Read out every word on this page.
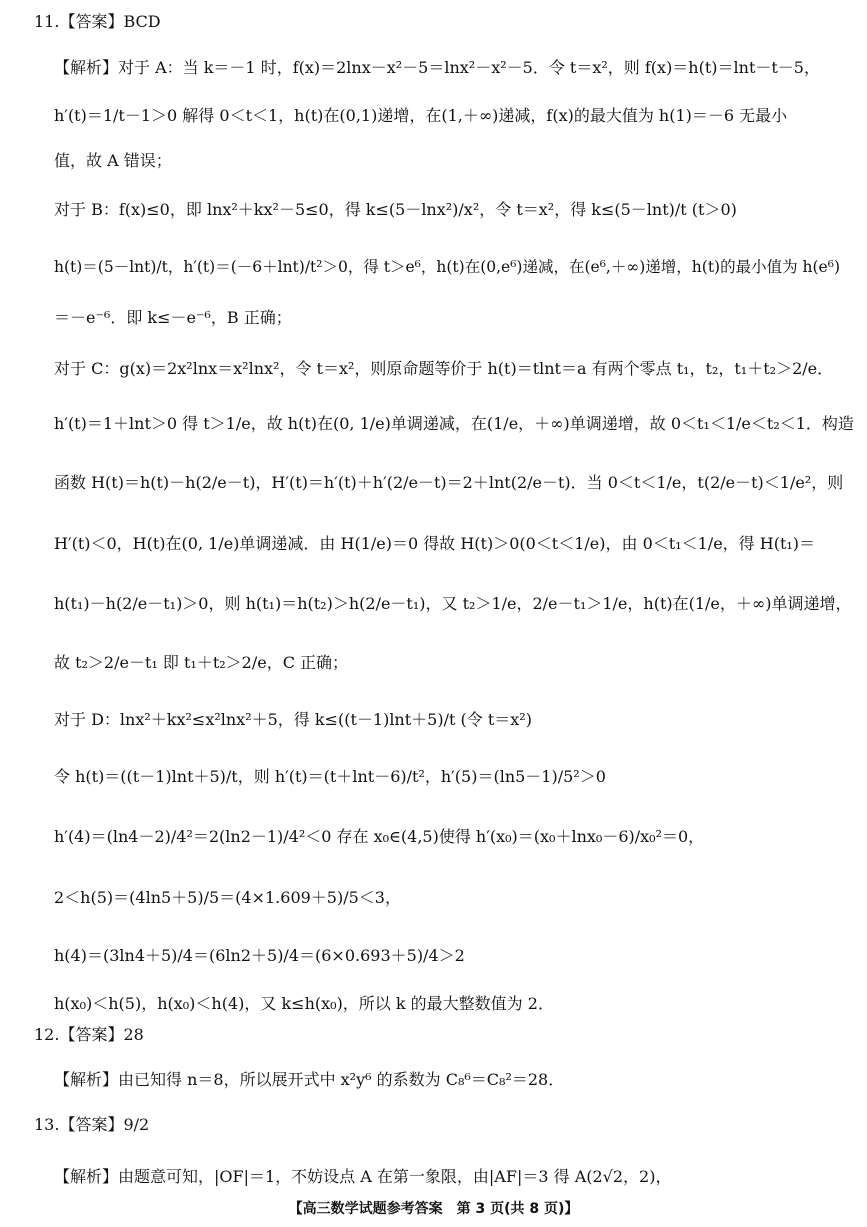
11.【答案】BCD
【解析】对于 A：当 k＝－1 时，f(x)＝2lnx－x²－5＝lnx²－x²－5．令 t＝x²，则 f(x)＝h(t)＝lnt－t－5，
h′(t)＝1/t－1＞0 解得 0＜t＜1，h(t)在(0,1)递增，在(1,＋∞)递减，f(x)的最大值为 h(1)＝－6 无最小
值，故 A 错误；
对于 B：f(x)≤0，即 lnx²＋kx²－5≤0，得 k≤(5－lnx²)/x²，令 t＝x²，得 k≤(5－lnt)/t (t＞0)
h(t)＝(5－lnt)/t，h′(t)＝(－6＋lnt)/t²＞0，得 t＞e⁶，h(t)在(0,e⁶)递减，在(e⁶,＋∞)递增，h(t)的最小值为 h(e⁶)
＝－e⁻⁶．即 k≤－e⁻⁶，B 正确；
对于 C：g(x)＝2x²lnx＝x²lnx²，令 t＝x²，则原命题等价于 h(t)＝tlnt＝a 有两个零点 t₁，t₂，t₁＋t₂＞2/e．
h′(t)＝1＋lnt＞0 得 t＞1/e，故 h(t)在(0, 1/e)单调递减，在(1/e，＋∞)单调递增，故 0＜t₁＜1/e＜t₂＜1．构造
函数 H(t)＝h(t)－h(2/e－t)，H′(t)＝h′(t)＋h′(2/e－t)＝2＋lnt(2/e－t)．当 0＜t＜1/e，t(2/e－t)＜1/e²，则
H′(t)＜0，H(t)在(0, 1/e)单调递减．由 H(1/e)＝0 得故 H(t)＞0(0＜t＜1/e)，由 0＜t₁＜1/e，得 H(t₁)＝
h(t₁)－h(2/e－t₁)＞0，则 h(t₁)＝h(t₂)＞h(2/e－t₁)，又 t₂＞1/e，2/e－t₁＞1/e，h(t)在(1/e，＋∞)单调递增，
故 t₂＞2/e－t₁ 即 t₁＋t₂＞2/e，C 正确；
对于 D：lnx²＋kx²≤x²lnx²＋5，得 k≤((t－1)lnt＋5)/t (令 t＝x²)
令 h(t)＝((t－1)lnt＋5)/t，则 h′(t)＝(t＋lnt－6)/t²，h′(5)＝(ln5－1)/5²＞0
h′(4)＝(ln4－2)/4²＝2(ln2－1)/4²＜0 存在 x₀∈(4,5)使得 h′(x₀)＝(x₀＋lnx₀－6)/x₀²＝0，
2＜h(5)＝(4ln5＋5)/5＝(4×1.609＋5)/5＜3，
h(4)＝(3ln4＋5)/4＝(6ln2＋5)/4＝(6×0.693＋5)/4＞2
h(x₀)＜h(5)，h(x₀)＜h(4)，又 k≤h(x₀)，所以 k 的最大整数值为 2．
12.【答案】28
【解析】由已知得 n＝8，所以展开式中 x²y⁶ 的系数为 C₈⁶＝C₈²＝28．
13.【答案】9/2
【解析】由题意可知，|OF|＝1，不妨设点 A 在第一象限，由|AF|＝3 得 A(2√2，2)，
【高三数学试题参考答案　第 3 页(共 8 页)】
